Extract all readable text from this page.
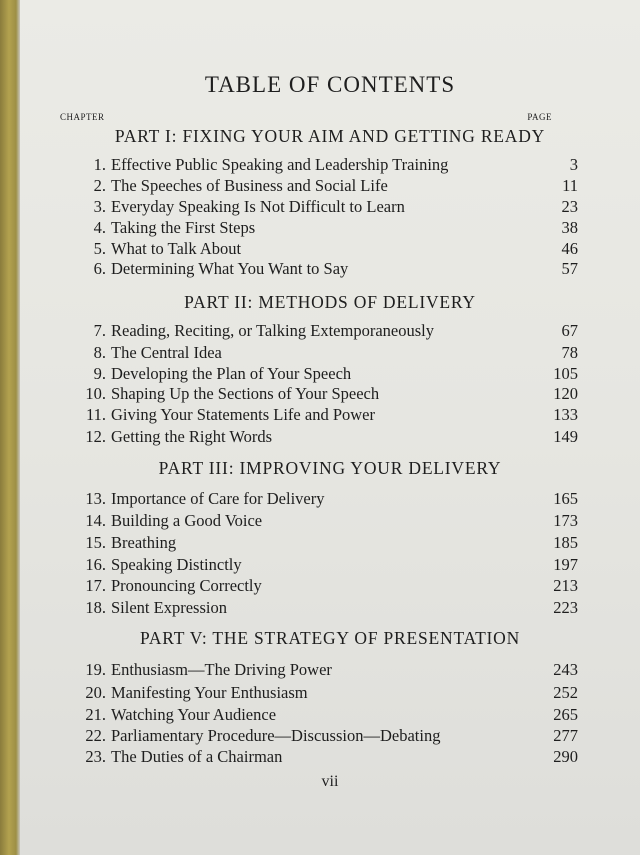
TABLE OF CONTENTS
CHAPTER	PAGE
PART I: FIXING YOUR AIM AND GETTING READY
1. Effective Public Speaking and Leadership Training	3
2. The Speeches of Business and Social Life	11
3. Everyday Speaking Is Not Difficult to Learn	23
4. Taking the First Steps	38
5. What to Talk About	46
6. Determining What You Want to Say	57
PART II: METHODS OF DELIVERY
7. Reading, Reciting, or Talking Extemporaneously	67
8. The Central Idea	78
9. Developing the Plan of Your Speech	105
10. Shaping Up the Sections of Your Speech	120
11. Giving Your Statements Life and Power	133
12. Getting the Right Words	149
PART III: IMPROVING YOUR DELIVERY
13. Importance of Care for Delivery	165
14. Building a Good Voice	173
15. Breathing	185
16. Speaking Distinctly	197
17. Pronouncing Correctly	213
18. Silent Expression	223
PART V: THE STRATEGY OF PRESENTATION
19. Enthusiasm—The Driving Power	243
20. Manifesting Your Enthusiasm	252
21. Watching Your Audience	265
22. Parliamentary Procedure—Discussion—Debating	277
23. The Duties of a Chairman	290
vii
